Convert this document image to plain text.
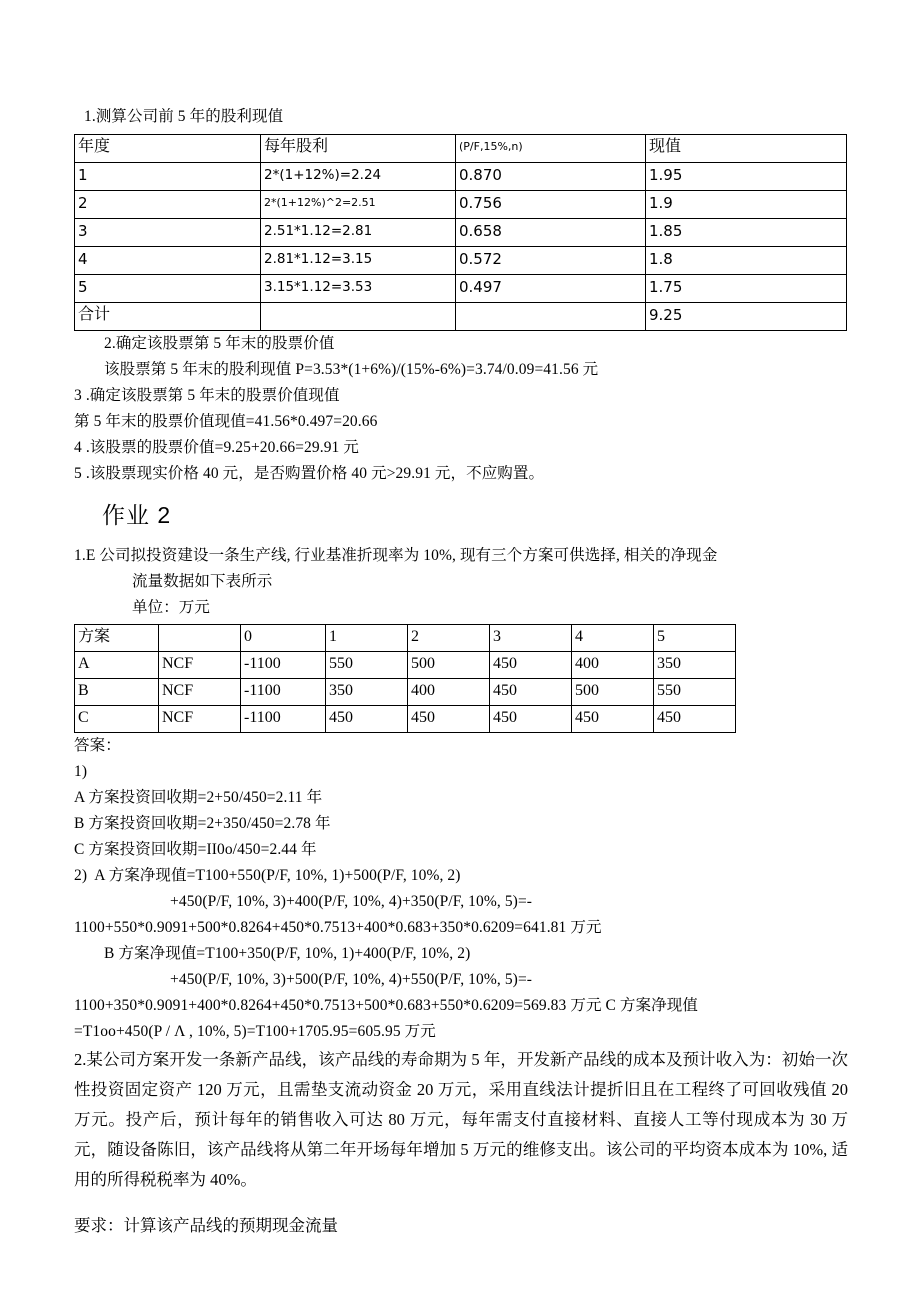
1.测算公司前 5 年的股利现值
年度	每年股利	(P/F,15%,n)	现值
1	2*(1+12%)=2.24	0.870	1.95
2	2*(1+12%)^2=2.51	0.756	1.9
3	2.51*1.12=2.81	0.658	1.85
4	2.81*1.12=3.15	0.572	1.8
5	3.15*1.12=3.53	0.497	1.75
合计			9.25
2.确定该股票第 5 年末的股票价值
该股票第 5 年末的股利现值 P=3.53*(1+6%)/(15%-6%)=3.74/0.09=41.56 元
3 .确定该股票第 5 年末的股票价值现值
第 5 年末的股票价值现值=41.56*0.497=20.66
4 .该股票的股票价值=9.25+20.66=29.91 元
5 .该股票现实价格 40 元，是否购置价格 40 元>29.91 元，不应购置。
作业 2
1.E 公司拟投资建设一条生产线, 行业基准折现率为 10%, 现有三个方案可供选择, 相关的净现金
流量数据如下表所示
单位：万元
方案		0	1	2	3	4	5
A	NCF	-1100	550	500	450	400	350
B	NCF	-1100	350	400	450	500	550
C	NCF	-1100	450	450	450	450	450
答案：
1)
A 方案投资回收期=2+50/450=2.11 年
B 方案投资回收期=2+350/450=2.78 年
C 方案投资回收期=II0o/450=2.44 年
2)  A 方案净现值=T100+550(P/F, 10%, 1)+500(P/F, 10%, 2)
+450(P/F, 10%, 3)+400(P/F, 10%, 4)+350(P/F, 10%, 5)=-
1100+550*0.9091+500*0.8264+450*0.7513+400*0.683+350*0.6209=641.81 万元
B 方案净现值=T100+350(P/F, 10%, 1)+400(P/F, 10%, 2)
+450(P/F, 10%, 3)+500(P/F, 10%, 4)+550(P/F, 10%, 5)=-
1100+350*0.9091+400*0.8264+450*0.7513+500*0.683+550*0.6209=569.83 万元 C 方案净现值
=T1oo+450(P / Λ , 10%, 5)=T100+1705.95=605.95 万元
2.某公司方案开发一条新产品线，该产品线的寿命期为 5 年，开发新产品线的成本及预计收入为：初始一次性投资固定资产 120 万元，且需垫支流动资金 20 万元，采用直线法计提折旧且在工程终了可回收残值 20 万元。投产后，预计每年的销售收入可达 80 万元，每年需支付直接材料、直接人工等付现成本为 30 万元，随设备陈旧，该产品线将从第二年开场每年增加 5 万元的维修支出。该公司的平均资本成本为 10%, 适用的所得税税率为 40%。
要求：计算该产品线的预期现金流量
